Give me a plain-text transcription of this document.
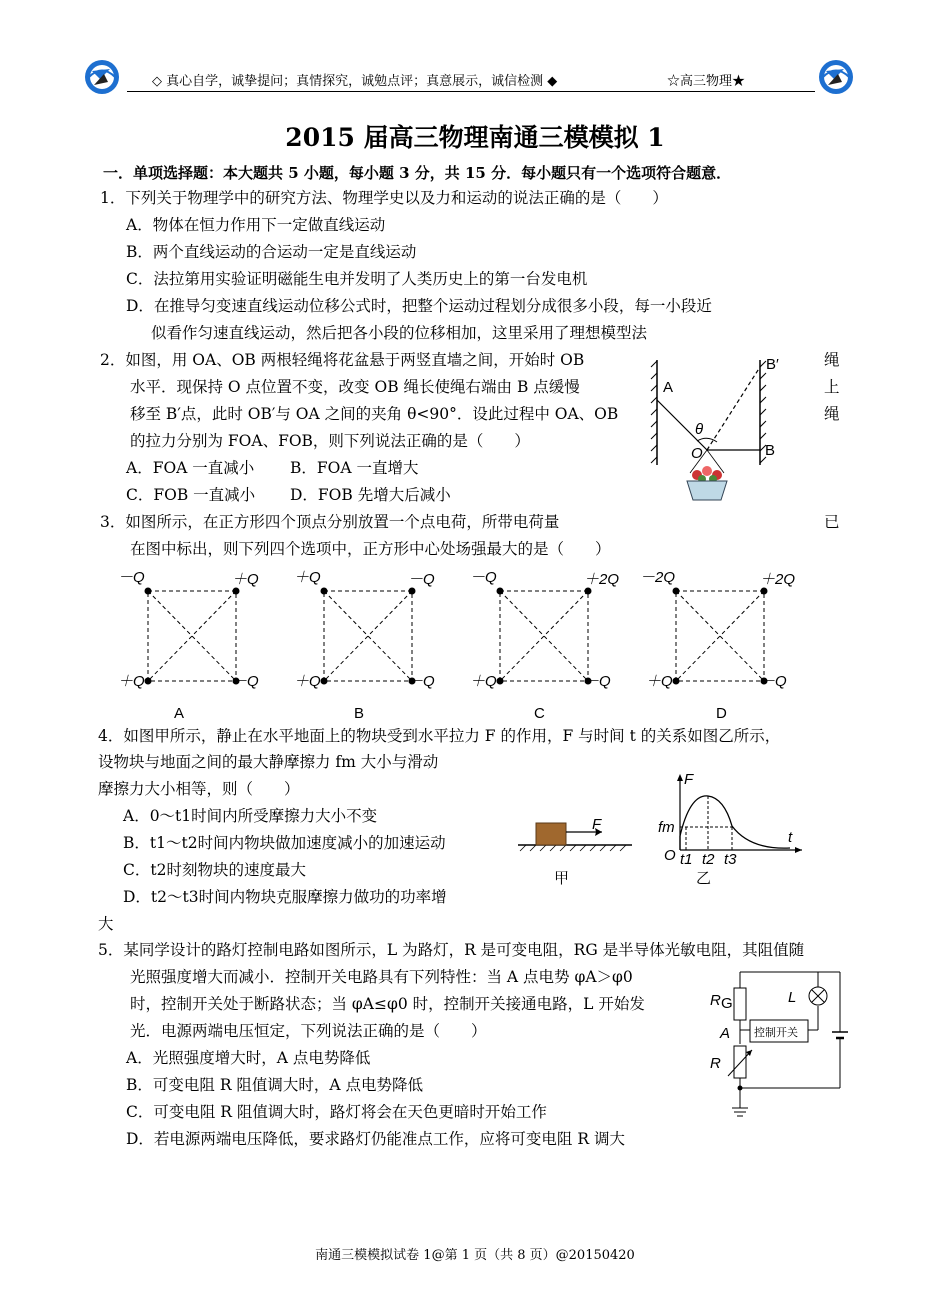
◇ 真心自学，诚挚提问；真情探究，诚勉点评；真意展示，诚信检测 ◆	☆高三物理★
2015 届高三物理南通三模模拟 1
一．单项选择题：本大题共 5 小题，每小题 3 分，共 15 分．每小题只有一个选项符合题意．
1．下列关于物理学中的研究方法、物理学史以及力和运动的说法正确的是（　　）
A．物体在恒力作用下一定做直线运动
B．两个直线运动的合运动一定是直线运动
C．法拉第用实验证明磁能生电并发明了人类历史上的第一台发电机
D．在推导匀变速直线运动位移公式时，把整个运动过程划分成很多小段，每一小段近
似看作匀速直线运动，然后把各小段的位移相加，这里采用了理想模型法
2．如图，用 OA、OB 两根轻绳将花盆悬于两竖直墙之间，开始时 OB	绳
水平．现保持 O 点位置不变，改变 OB 绳长使绳右端由 B 点缓慢	上
移至 B′点，此时 OB′与 OA 之间的夹角 θ<90°．设此过程中 OA、OB	绳
的拉力分别为 FOA、FOB，则下列说法正确的是（　　）
A．FOA 一直减小 B．FOA 一直增大
C．FOB 一直减小 D．FOB 先增大后减小
A
B
B′
O
θ
3．如图所示，在正方形四个顶点分别放置一个点电荷，所带电荷量	已
在图中标出，则下列四个选项中，正方形中心处场强最大的是（　　）
－Q	＋Q
＋Q	－Q
A
＋Q	－Q
＋Q	－Q
B
－Q	＋2Q
＋Q	－Q
C
－2Q	＋2Q
＋Q	－Q
D
4．如图甲所示，静止在水平地面上的物块受到水平拉力 F 的作用，F 与时间 t 的关系如图乙所示，
设物块与地面之间的最大静摩擦力 fm 大小与滑动
摩擦力大小相等，则（　　）
A．0～t1时间内所受摩擦力大小不变
B．t1～t2时间内物块做加速度减小的加速运动
C．t2时刻物块的速度最大
D．t2～t3时间内物块克服摩擦力做功的功率增
大
F
甲
F
t
fm
O t1 t2 t3
乙
5．某同学设计的路灯控制电路如图所示，L 为路灯，R 是可变电阻，RG 是半导体光敏电阻，其阻值随
光照强度增大而减小．控制开关电路具有下列特性：当 A 点电势 φA＞φ0
时，控制开关处于断路状态；当 φA≤φ0 时，控制开关接通电路，L 开始发
光．电源两端电压恒定，下列说法正确的是（　　）
A．光照强度增大时，A 点电势降低
B．可变电阻 R 阻值调大时，A 点电势降低
C．可变电阻 R 阻值调大时，路灯将会在天色更暗时开始工作
D．若电源两端电压降低，要求路灯仍能准点工作，应将可变电阻 R 调大
R G
A
R
L
控制开关
南通三模模拟试卷 1@第 1 页（共 8 页）@20150420
